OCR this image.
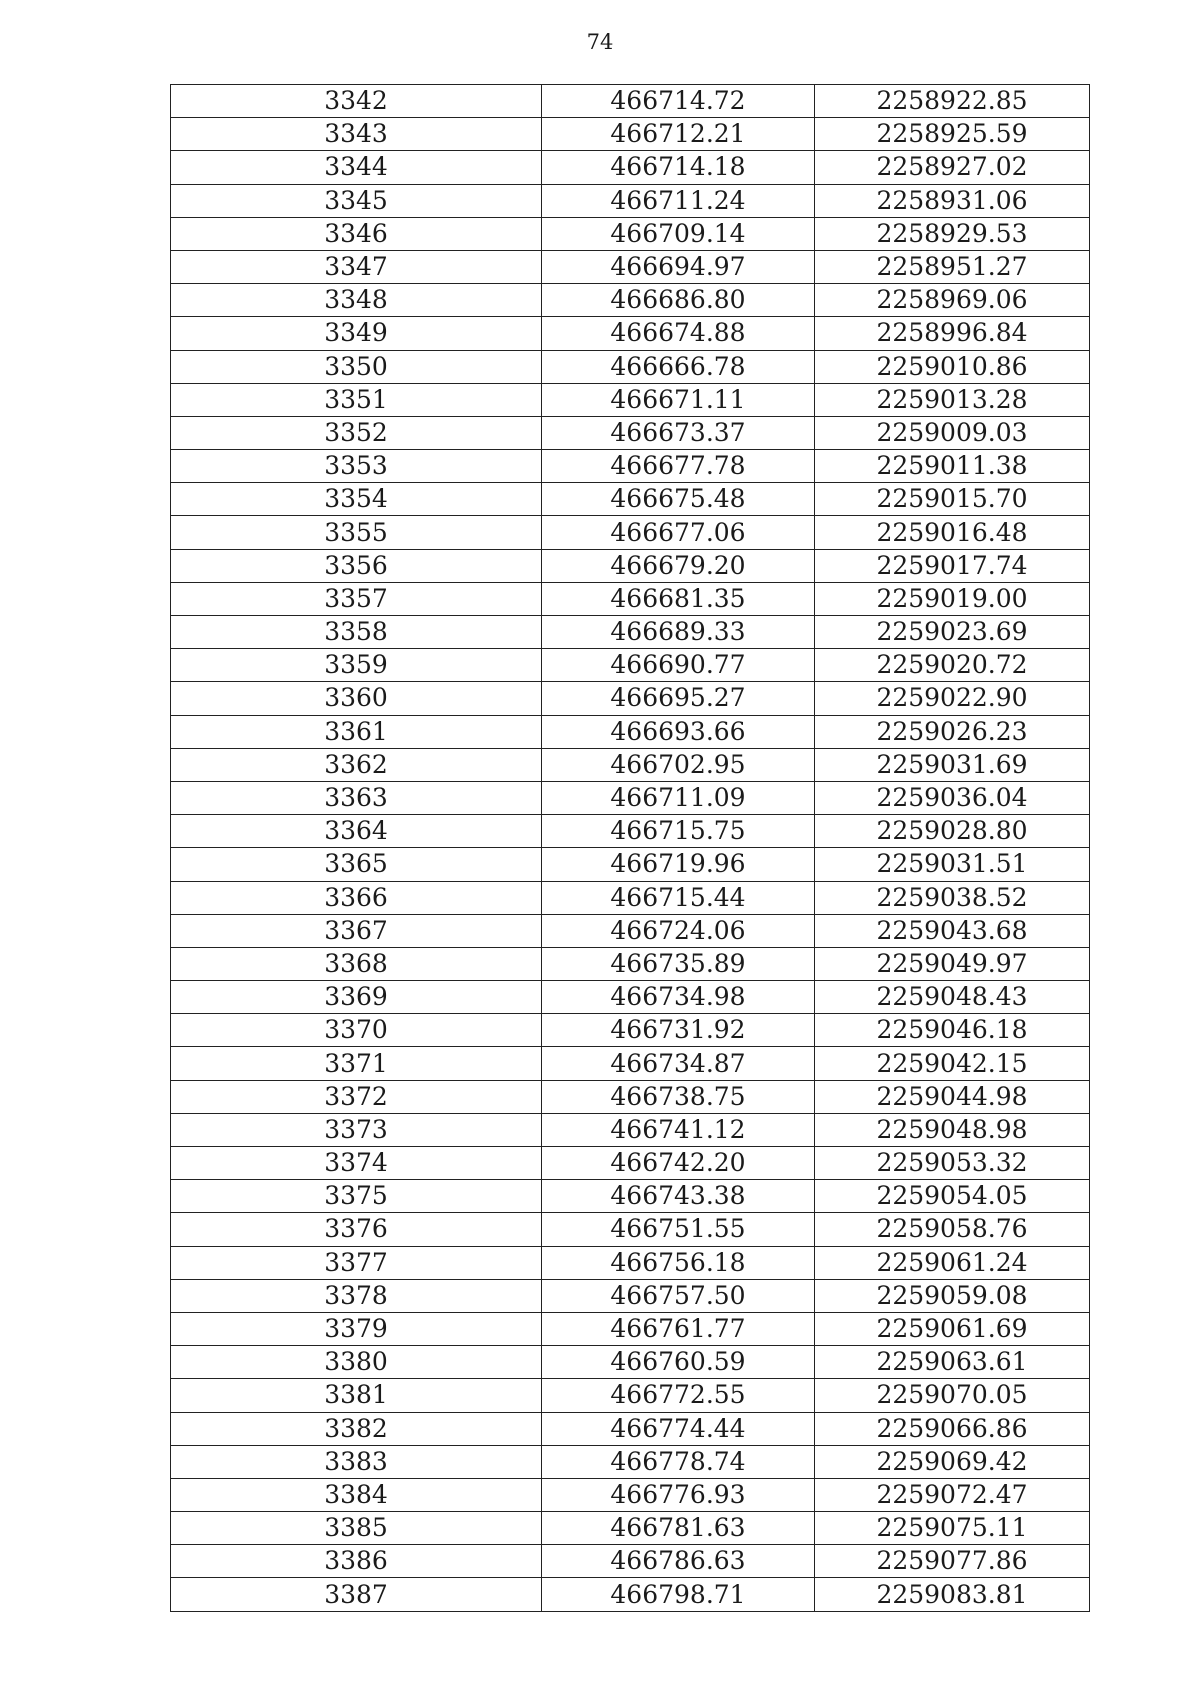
74
3342	466714.72	2258922.85
3343	466712.21	2258925.59
3344	466714.18	2258927.02
3345	466711.24	2258931.06
3346	466709.14	2258929.53
3347	466694.97	2258951.27
3348	466686.80	2258969.06
3349	466674.88	2258996.84
3350	466666.78	2259010.86
3351	466671.11	2259013.28
3352	466673.37	2259009.03
3353	466677.78	2259011.38
3354	466675.48	2259015.70
3355	466677.06	2259016.48
3356	466679.20	2259017.74
3357	466681.35	2259019.00
3358	466689.33	2259023.69
3359	466690.77	2259020.72
3360	466695.27	2259022.90
3361	466693.66	2259026.23
3362	466702.95	2259031.69
3363	466711.09	2259036.04
3364	466715.75	2259028.80
3365	466719.96	2259031.51
3366	466715.44	2259038.52
3367	466724.06	2259043.68
3368	466735.89	2259049.97
3369	466734.98	2259048.43
3370	466731.92	2259046.18
3371	466734.87	2259042.15
3372	466738.75	2259044.98
3373	466741.12	2259048.98
3374	466742.20	2259053.32
3375	466743.38	2259054.05
3376	466751.55	2259058.76
3377	466756.18	2259061.24
3378	466757.50	2259059.08
3379	466761.77	2259061.69
3380	466760.59	2259063.61
3381	466772.55	2259070.05
3382	466774.44	2259066.86
3383	466778.74	2259069.42
3384	466776.93	2259072.47
3385	466781.63	2259075.11
3386	466786.63	2259077.86
3387	466798.71	2259083.81
